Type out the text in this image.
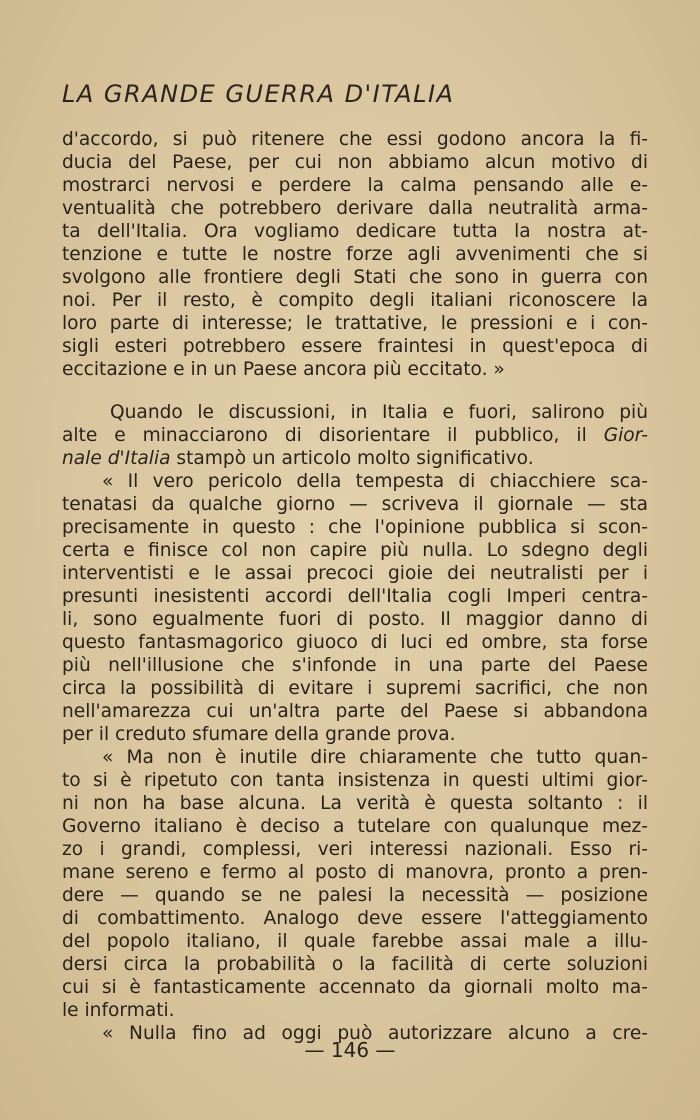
LA GRANDE GUERRA D'ITALIA
d'accordo, si può ritenere che essi godono ancora la fi-
ducia del Paese, per cui non abbiamo alcun motivo di
mostrarci nervosi e perdere la calma pensando alle e-
ventualità che potrebbero derivare dalla neutralità arma-
ta dell'Italia. Ora vogliamo dedicare tutta la nostra at-
tenzione e tutte le nostre forze agli avvenimenti che si
svolgono alle frontiere degli Stati che sono in guerra con
noi. Per il resto, è compito degli italiani riconoscere la
loro parte di interesse; le trattative, le pressioni e i con-
sigli esteri potrebbero essere fraintesi in quest'epoca di
eccitazione e in un Paese ancora più eccitato. »
Quando le discussioni, in Italia e fuori, salirono più
alte e minacciarono di disorientare il pubblico, il Gior-
nale d'Italia stampò un articolo molto significativo.
« Il vero pericolo della tempesta di chiacchiere sca-
tenatasi da qualche giorno — scriveva il giornale — sta
precisamente in questo : che l'opinione pubblica si scon-
certa e finisce col non capire più nulla. Lo sdegno degli
interventisti e le assai precoci gioie dei neutralisti per i
presunti inesistenti accordi dell'Italia cogli Imperi centra-
li, sono egualmente fuori di posto. Il maggior danno di
questo fantasmagorico giuoco di luci ed ombre, sta forse
più nell'illusione che s'infonde in una parte del Paese
circa la possibilità di evitare i supremi sacrifici, che non
nell'amarezza cui un'altra parte del Paese si abbandona
per il creduto sfumare della grande prova.
« Ma non è inutile dire chiaramente che tutto quan-
to si è ripetuto con tanta insistenza in questi ultimi gior-
ni non ha base alcuna. La verità è questa soltanto : il
Governo italiano è deciso a tutelare con qualunque mez-
zo i grandi, complessi, veri interessi nazionali. Esso ri-
mane sereno e fermo al posto di manovra, pronto a pren-
dere — quando se ne palesi la necessità — posizione
di combattimento. Analogo deve essere l'atteggiamento
del popolo italiano, il quale farebbe assai male a illu-
dersi circa la probabilità o la facilità di certe soluzioni
cui si è fantasticamente accennato da giornali molto ma-
le informati.
« Nulla fino ad oggi può autorizzare alcuno a cre-
— 146 —
